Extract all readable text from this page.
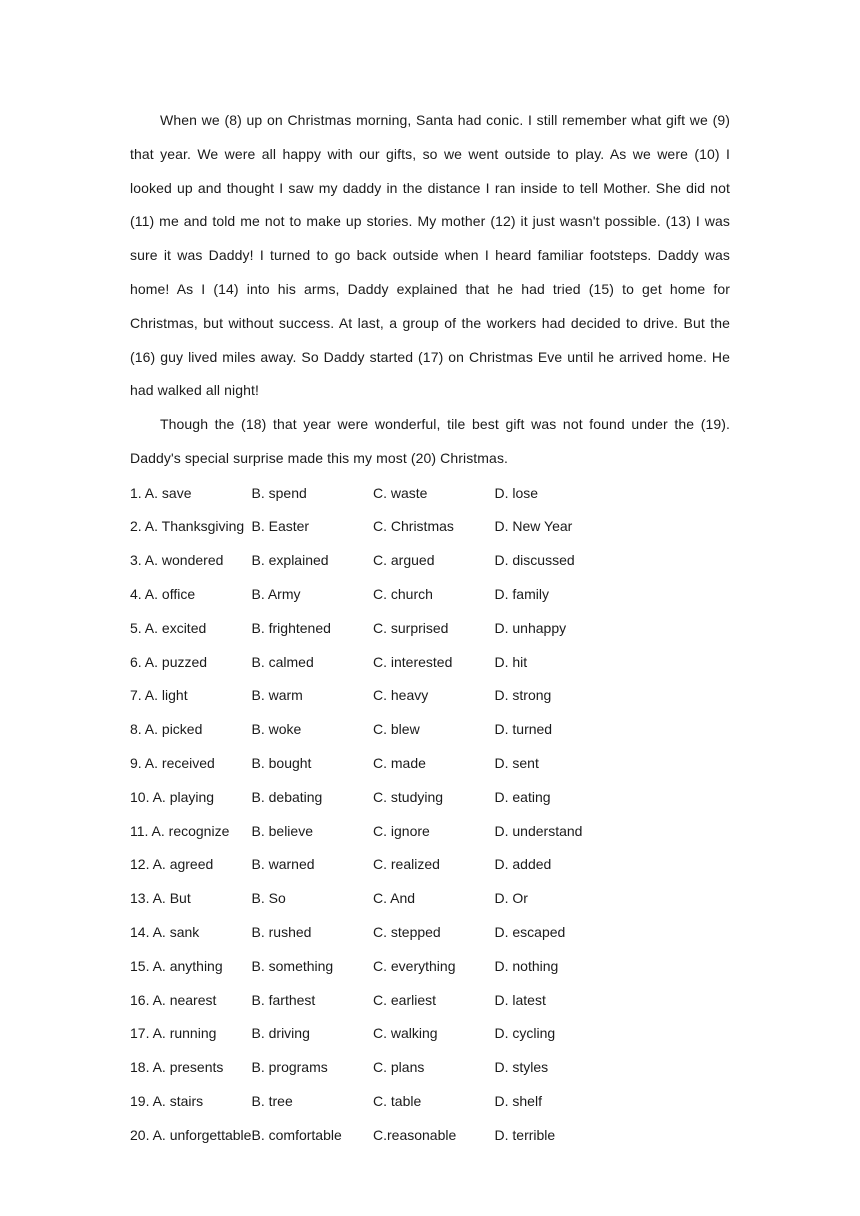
When we (8) up on Christmas morning, Santa had conic. I still remember what gift we (9) that year. We were all happy with our gifts, so we went outside to play. As we were (10) I looked up and thought I saw my daddy in the distance I ran inside to tell Mother. She did not (11) me and told me not to make up stories. My mother (12) it just wasn't possible. (13) I was sure it was Daddy! I turned to go back outside when I heard familiar footsteps. Daddy was home! As I (14) into his arms, Daddy explained that he had tried (15) to get home for Christmas, but without success. At last, a group of the workers had decided to drive. But the (16) guy lived miles away. So Daddy started (17) on Christmas Eve until he arrived home. He had walked all night!

Though the (18) that year were wonderful, tile best gift was not found under the (19). Daddy's special surprise made this my most (20) Christmas.

1. A. save	B. spend	C. waste	D. lose
2. A. Thanksgiving B. Easter	C. Christmas	D. New Year
3. A. wondered	B. explained	C. argued	D. discussed
4. A. office	B. Army	C. church	D. family
5. A. excited	B. frightened	C. surprised	D. unhappy
6. A. puzzed	B. calmed	C. interested	D. hit
7. A. light	B. warm	C. heavy	D. strong
8. A. picked	B. woke	C. blew	D. turned
9. A. received	B. bought	C. made	D. sent
10. A. playing	B. debating	C. studying	D. eating
11. A. recognize	B. believe	C. ignore	D. understand
12. A. agreed	B. warned	C. realized	D. added
13. A. But	B. So	C. And	D. Or
14. A. sank	B. rushed	C. stepped	D. escaped
15. A. anything	B. something	C. everything	D. nothing
16. A. nearest	B. farthest	C. earliest	D. latest
17. A. running	B. driving	C. walking	D. cycling
18. A. presents	B. programs	C. plans	D. styles
19. A. stairs	B. tree	C. table	D. shelf
20. A. unforgettable B. comfortable	C.reasonable	D. terrible
